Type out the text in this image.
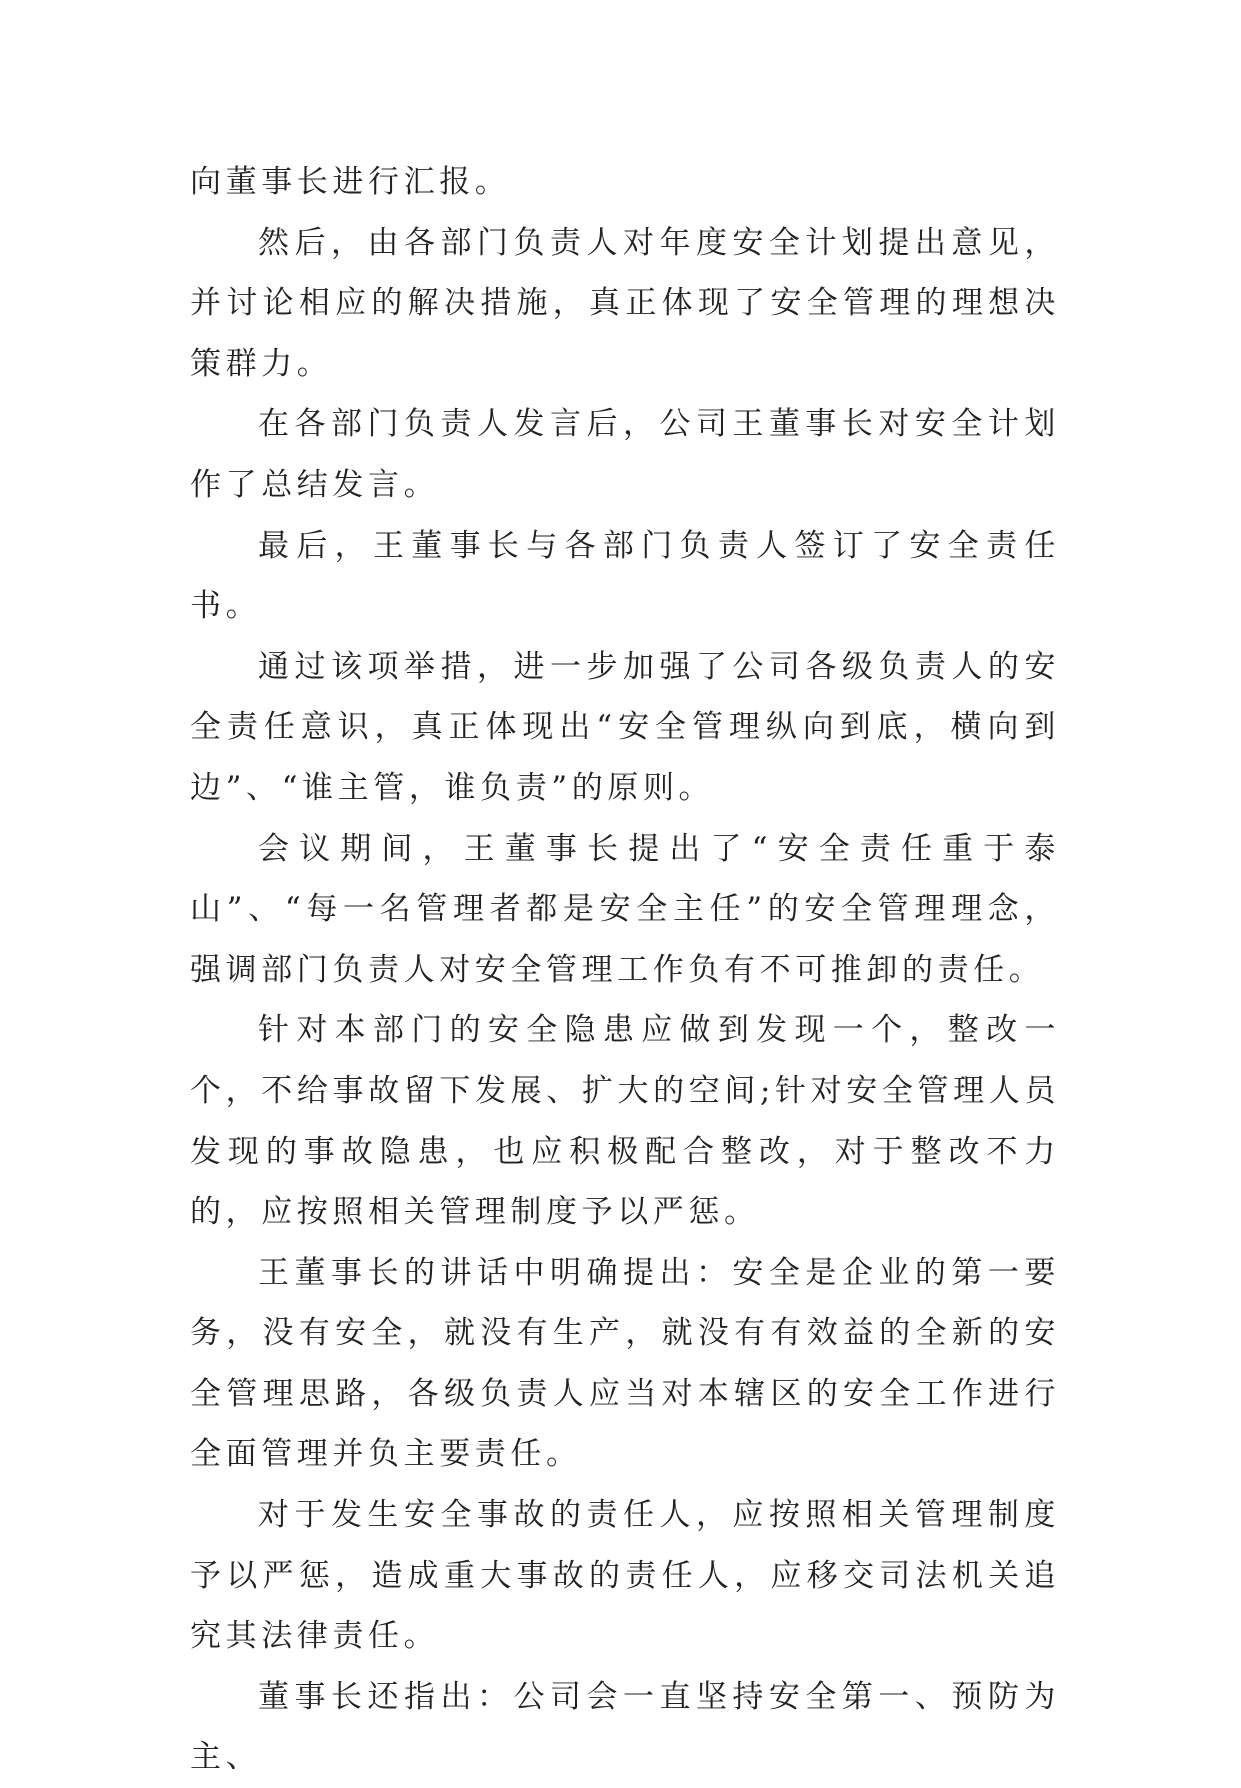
向董事长进行汇报。

然后，由各部门负责人对年度安全计划提出意见，并讨论相应的解决措施，真正体现了安全管理的理想决策群力。

在各部门负责人发言后，公司王董事长对安全计划作了总结发言。

最后，王董事长与各部门负责人签订了安全责任书。

通过该项举措，进一步加强了公司各级负责人的安全责任意识，真正体现出“安全管理纵向到底，横向到边”、“谁主管，谁负责”的原则。

会议期间，王董事长提出了“安全责任重于泰山”、“每一名管理者都是安全主任”的安全管理理念，强调部门负责人对安全管理工作负有不可推卸的责任。

针对本部门的安全隐患应做到发现一个，整改一个，不给事故留下发展、扩大的空间;针对安全管理人员发现的事故隐患，也应积极配合整改，对于整改不力的，应按照相关管理制度予以严惩。

王董事长的讲话中明确提出：安全是企业的第一要务，没有安全，就没有生产，就没有有效益的全新的安全管理思路，各级负责人应当对本辖区的安全工作进行全面管理并负主要责任。

对于发生安全事故的责任人，应按照相关管理制度予以严惩，造成重大事故的责任人，应移交司法机关追究其法律责任。

董事长还指出：公司会一直坚持安全第一、预防为主、
